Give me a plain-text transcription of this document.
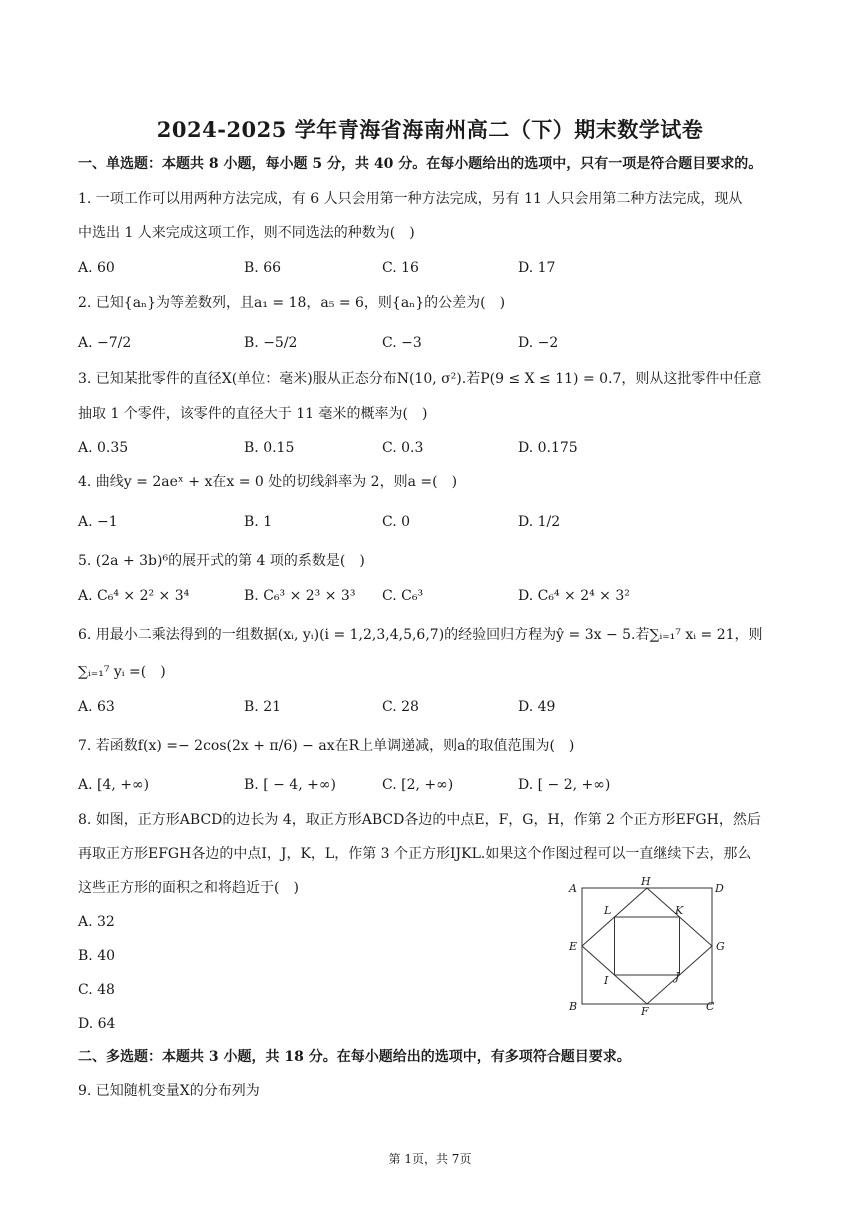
2024-2025 学年青海省海南州高二（下）期末数学试卷
一、单选题：本题共 8 小题，每小题 5 分，共 40 分。在每小题给出的选项中，只有一项是符合题目要求的。
1. 一项工作可以用两种方法完成，有 6 人只会用第一种方法完成，另有 11 人只会用第二种方法完成，现从
中选出 1 人来完成这项工作，则不同选法的种数为(　)
A. 60	B. 66	C. 16	D. 17
2. 已知{aₙ}为等差数列，且a₁ = 18，a₅ = 6，则{aₙ}的公差为(　)
A. −7/2	B. −5/2	C. −3	D. −2
3. 已知某批零件的直径X(单位：毫米)服从正态分布N(10, σ²).若P(9 ≤ X ≤ 11) = 0.7，则从这批零件中任意
抽取 1 个零件，该零件的直径大于 11 毫米的概率为(　)
A. 0.35	B. 0.15	C. 0.3	D. 0.175
4. 曲线y = 2aeˣ + x在x = 0 处的切线斜率为 2，则a =(　)
A. −1	B. 1	C. 0	D. 1/2
5. (2a + 3b)⁶的展开式的第 4 项的系数是(　)
A. C₆⁴ × 2² × 3⁴	B. C₆³ × 2³ × 3³ C. C₆³	D. C₆⁴ × 2⁴ × 3²
6. 用最小二乘法得到的一组数据(xᵢ, yᵢ)(i = 1,2,3,4,5,6,7)的经验回归方程为ŷ = 3x − 5.若∑ᵢ₌₁⁷ xᵢ = 21，则
∑ᵢ₌₁⁷ yᵢ =(　)
A. 63	B. 21	C. 28	D. 49
7. 若函数f(x) =− 2cos(2x + π/6) − ax在R上单调递减，则a的取值范围为(　)
A. [4, +∞)	B. [ − 4, +∞)	C. [2, +∞)	D. [ − 2, +∞)
8. 如图，正方形ABCD的边长为 4，取正方形ABCD各边的中点E，F，G，H，作第 2 个正方形EFGH，然后
再取正方形EFGH各边的中点I，J，K，L，作第 3 个正方形IJKL.如果这个作图过程可以一直继续下去，那么
这些正方形的面积之和将趋近于(　)
A. 32
B. 40
C. 48
D. 64
A	D
B	C
H
F
E	G
L	K
I	J
二、多选题：本题共 3 小题，共 18 分。在每小题给出的选项中，有多项符合题目要求。
9. 已知随机变量X的分布列为
第 1页，共 7页
